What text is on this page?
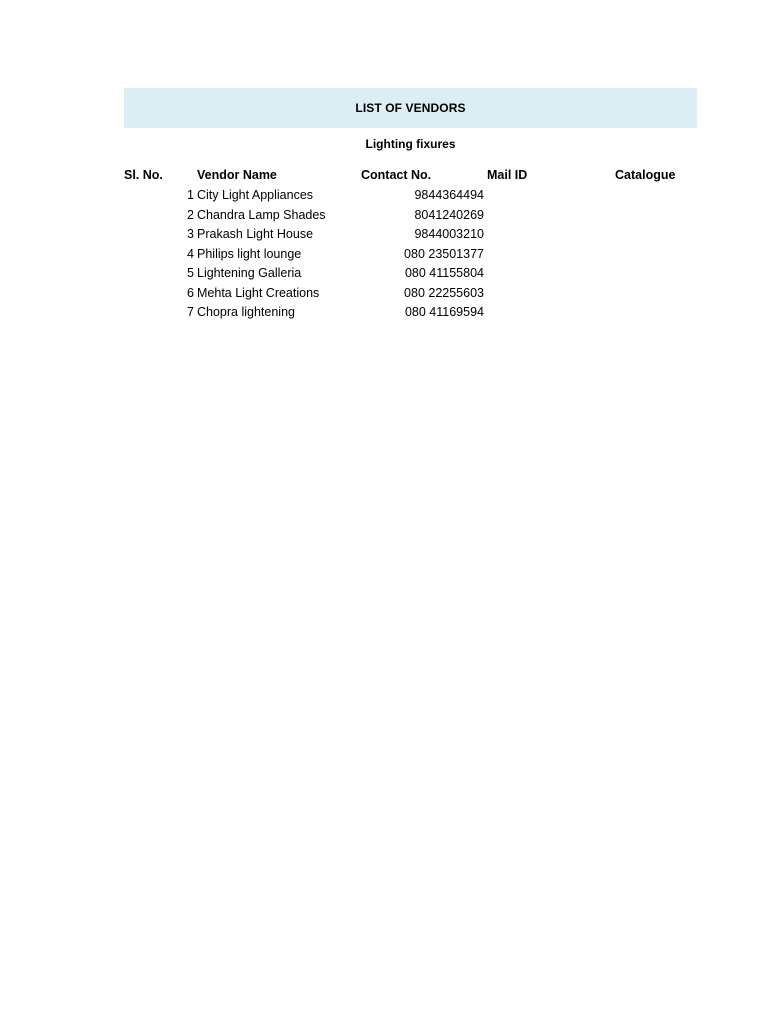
LIST OF VENDORS
Lighting fixures
Sl. No.	Vendor Name	Contact No.	Mail ID	Catalogue
1 City Light Appliances	9844364494
2 Chandra Lamp Shades	8041240269
3 Prakash Light House	9844003210
4 Philips light lounge	080 23501377
5 Lightening Galleria	080 41155804
6 Mehta Light Creations	080 22255603
7 Chopra lightening	080 41169594
